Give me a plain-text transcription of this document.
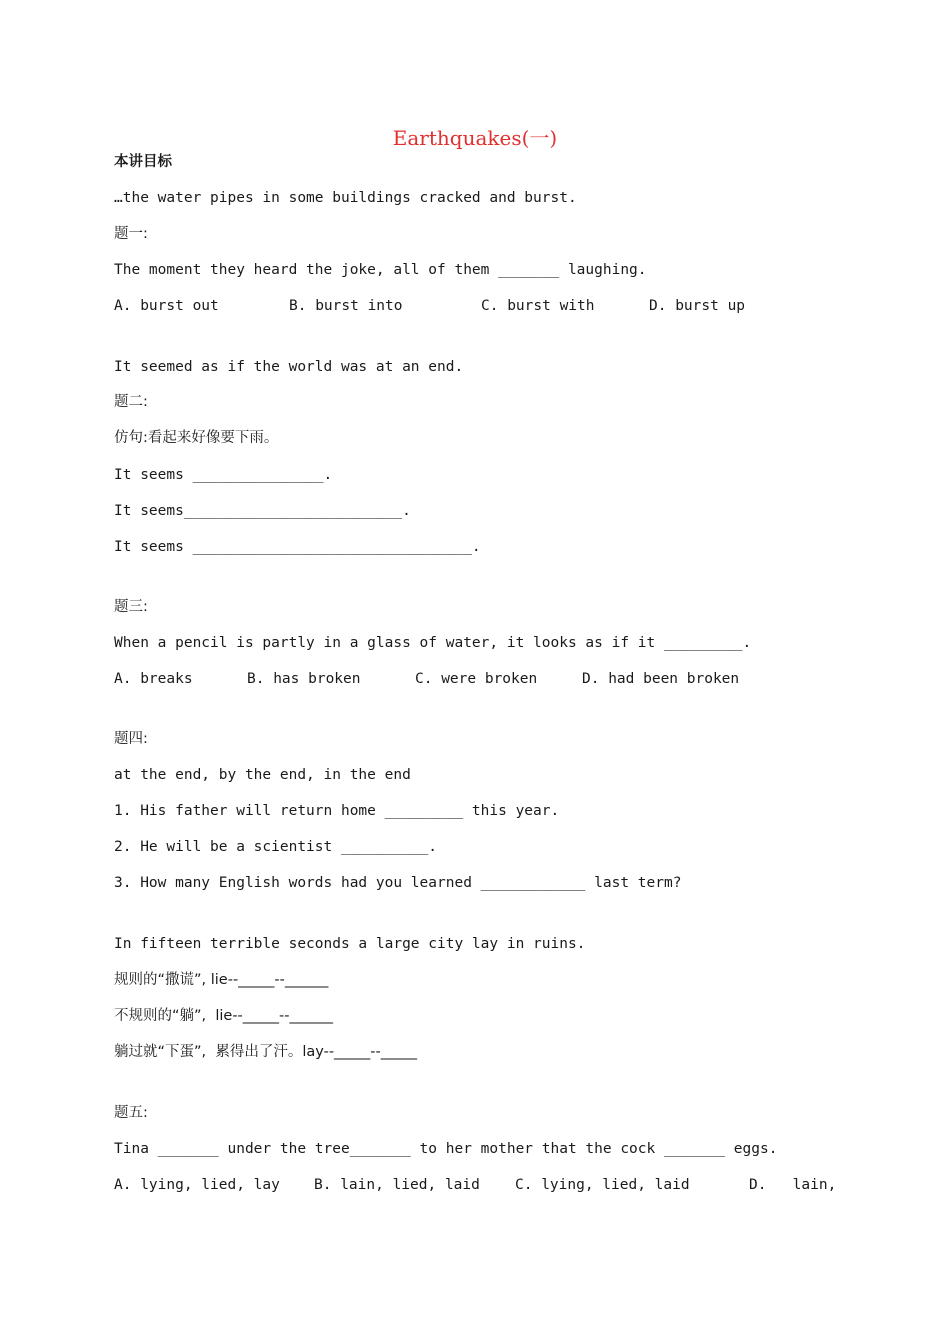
Earthquakes(一)
本讲目标
…the water pipes in some buildings cracked and burst.
题一:
The moment they heard the joke, all of them _______ laughing.
A. burst out	B. burst into	C. burst with	D. burst up
It seemed as if the world was at an end.
题二:
仿句:看起来好像要下雨。
It seems _______________.
It seems_________________________.
It seems ________________________________.
题三:
When a pencil is partly in a glass of water, it looks as if it _________.
A. breaks	B. has broken	C. were broken	D. had been broken
题四:
at the end, by the end, in the end
1. His father will return home _________ this year.
2. He will be a scientist __________.
3. How many English words had you learned ____________ last term?
In fifteen terrible seconds a large city lay in ruins.
规则的“撒谎”, lie--_____--______
不规则的“躺”,  lie--_____--______
躺过就“下蛋”,  累得出了汗。lay--_____--_____
题五:
Tina _______ under the tree_______ to her mother that the cock _______ eggs.
A. lying, lied, lay B. lain, lied, laid C. lying, lied, laid	D.   lain,
